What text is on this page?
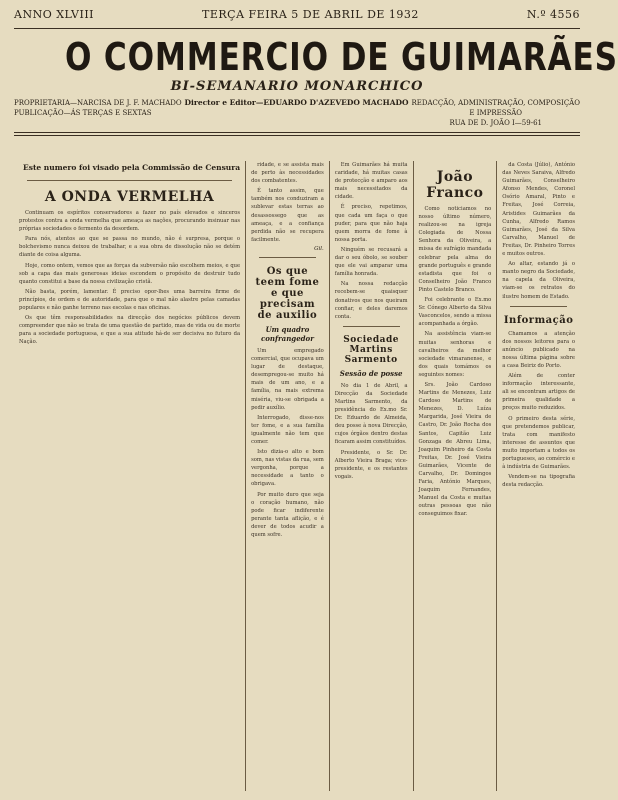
ANNO XLVIII	TERÇA FEIRA 5 DE ABRIL DE 1932	N.º 4556
O COMMERCIO DE GUIMARÃES
BI-SEMANARIO MONARCHICO
PROPRIETARIA—NARCISA DE J. F. MACHADO
PUBLICAÇÃO—ÁS TERÇAS E SEXTAS
Director e Editor—EDUARDO D'AZEVEDO MACHADO REDACÇÃO, ADMINISTRAÇÃO, COMPOSIÇÃO
E IMPRESSÃO
RUA DE D. JOÃO I—59-61
Este numero foi visado pela Commissão de Censura
A ONDA VERMELHA

Continuam os espíritos conservadores a fazer no país elevados e sinceros protestos contra a onda vermelha que ameaça as nações, procurando insinuar nas próprias sociedades o fermento da desordem.

Para nós, atentos ao que se passa no mundo, não é surpresa, porque o bolchevismo nunca deixou de trabalhar, e a sua obra de dissolução não se detém diante de coisa alguma.

Hoje, como ontem, vemos que as forças da subversão não escolhem meios, e que sob a capa das mais generosas ideias escondem o propósito de destruir tudo quanto constitui a base da nossa civilização cristã.

Não basta, porém, lamentar. É preciso opor-lhes uma barreira firme de princípios, de ordem e de autoridade, para que o mal não alastre pelas camadas populares e não ganhe terreno nas escolas e nas oficinas.

Os que têm responsabilidades na direcção dos negócios públicos devem compreender que não se trata de uma questão de partido, mas de vida ou de morte para a sociedade portuguesa, e que a sua atitude há-de ser decisiva no futuro da Nação.

ridade, e se assista mais de perto às necessidades dos combatentes.

É tanto assim, que também nos conduziram a sublevar estas terras ao desassossego que as ameaça, e a confiança perdida não se recupera facilmente.

Gil.
Os que teem fome e que precisam de auxilio
Um quadro confrangedor

Um empregado comercial, que ocupava um lugar de destaque, desempregou-se muito há mais de um ano, e a família, na mais extrema miséria, viu-se obrigada a pedir auxílio.

Interrogado, disse-nos ter fome, e a sua família igualmente não tem que comer.

Isto dizia-o alto e bom som, nas vistas da rua, sem vergonha, porque a necessidade a tanto o obrigava.

Por muito duro que seja o coração humano, não pode ficar indiferente perante tanta aflição, e é dever de todos acudir a quem sofre.

Em Guimarães há muita caridade, há muitas casas de protecção e amparo aos mais necessitados da cidade.

É preciso, repetimos, que cada um faça o que puder, para que não haja quem morra de fome à nossa porta.

Ninguém se recusará a dar o seu óbolo, se souber que ele vai amparar uma família honrada.

Na nossa redacção recebem-se quaisquer donativos que nos queiram confiar, e deles daremos conta.

Sociedade Martins Sarmento
Sessão de posse

No dia 1 de Abril, a Direcção da Sociedade Martins Sarmento, da presidência do Ex.mo Sr. Dr. Eduardo de Almeida, deu posse à nova Direcção, cujos órgãos dentro destas ficaram assim constituídos.

Presidente, o Sr. Dr. Alberto Vieira Braga; vice-presidente, e os restantes vogais.

João Franco

Como noticiamos no nosso último número, realizou-se na igreja Colegiada de Nossa Senhora da Oliveira, a missa de sufrágio mandada celebrar pela alma do grande português e grande estadista que foi o Conselheiro João Franco Pinto Castelo Branco.

Foi celebrante o Ex.mo Sr. Cónego Alberto da Silva Vasconcelos, sendo a missa acompanhada a órgão.

Na assistência viam-se muitas senhoras e cavalheiros da melhor sociedade vimaranense, e dos quais tomámos os seguintes nomes:

Srs. João Cardoso Martins de Menezes, Luiz Cardoso Martins de Menezes, D. Luíza Margarida, José Vieira de Castro, Dr. João Rocha dos Santos, Capitão Luiz Gonzaga de Abreu Lima, Joaquim Pinheiro da Costa Freitas, Dr. José Vieira Guimarães, Vicente de Carvalho, Dr. Domingos Faria, António Marques, Joaquim Fernandes, Manuel da Costa e muitas outras pessoas que não conseguimos fixar.

da Costa (Júlio), António das Neves Saraiva, Alfredo Guimarães, Conselheiro Afonso Mendes, Coronel Osório Amaral, Pinto e Freitas, José Correia, Aristides Guimarães da Cunha, Alfredo Ramos Guimarães, José da Silva Carvalho, Manuel de Freitas, Dr. Pinheiro Torres e muitos outros.

Ao altar, estando já o manto negro da Sociedade, na capela da Oliveira, viam-se os retratos do ilustre homem de Estado.

Informação

Chamamos a atenção dos nossos leitores para o anúncio publicado na nossa última página sobre a casa Beiriz do Porto.

Além de conter informação interessante, ali se encontram artigos de primeira qualidade a preços muito reduzidos.

O primeiro desta série, que pretendemos publicar, trata com manifesto interesse de assuntos que muito importam a todos os portugueses, ao comércio e à indústria de Guimarães.

Vendem-se na tipografia desta redacção.
